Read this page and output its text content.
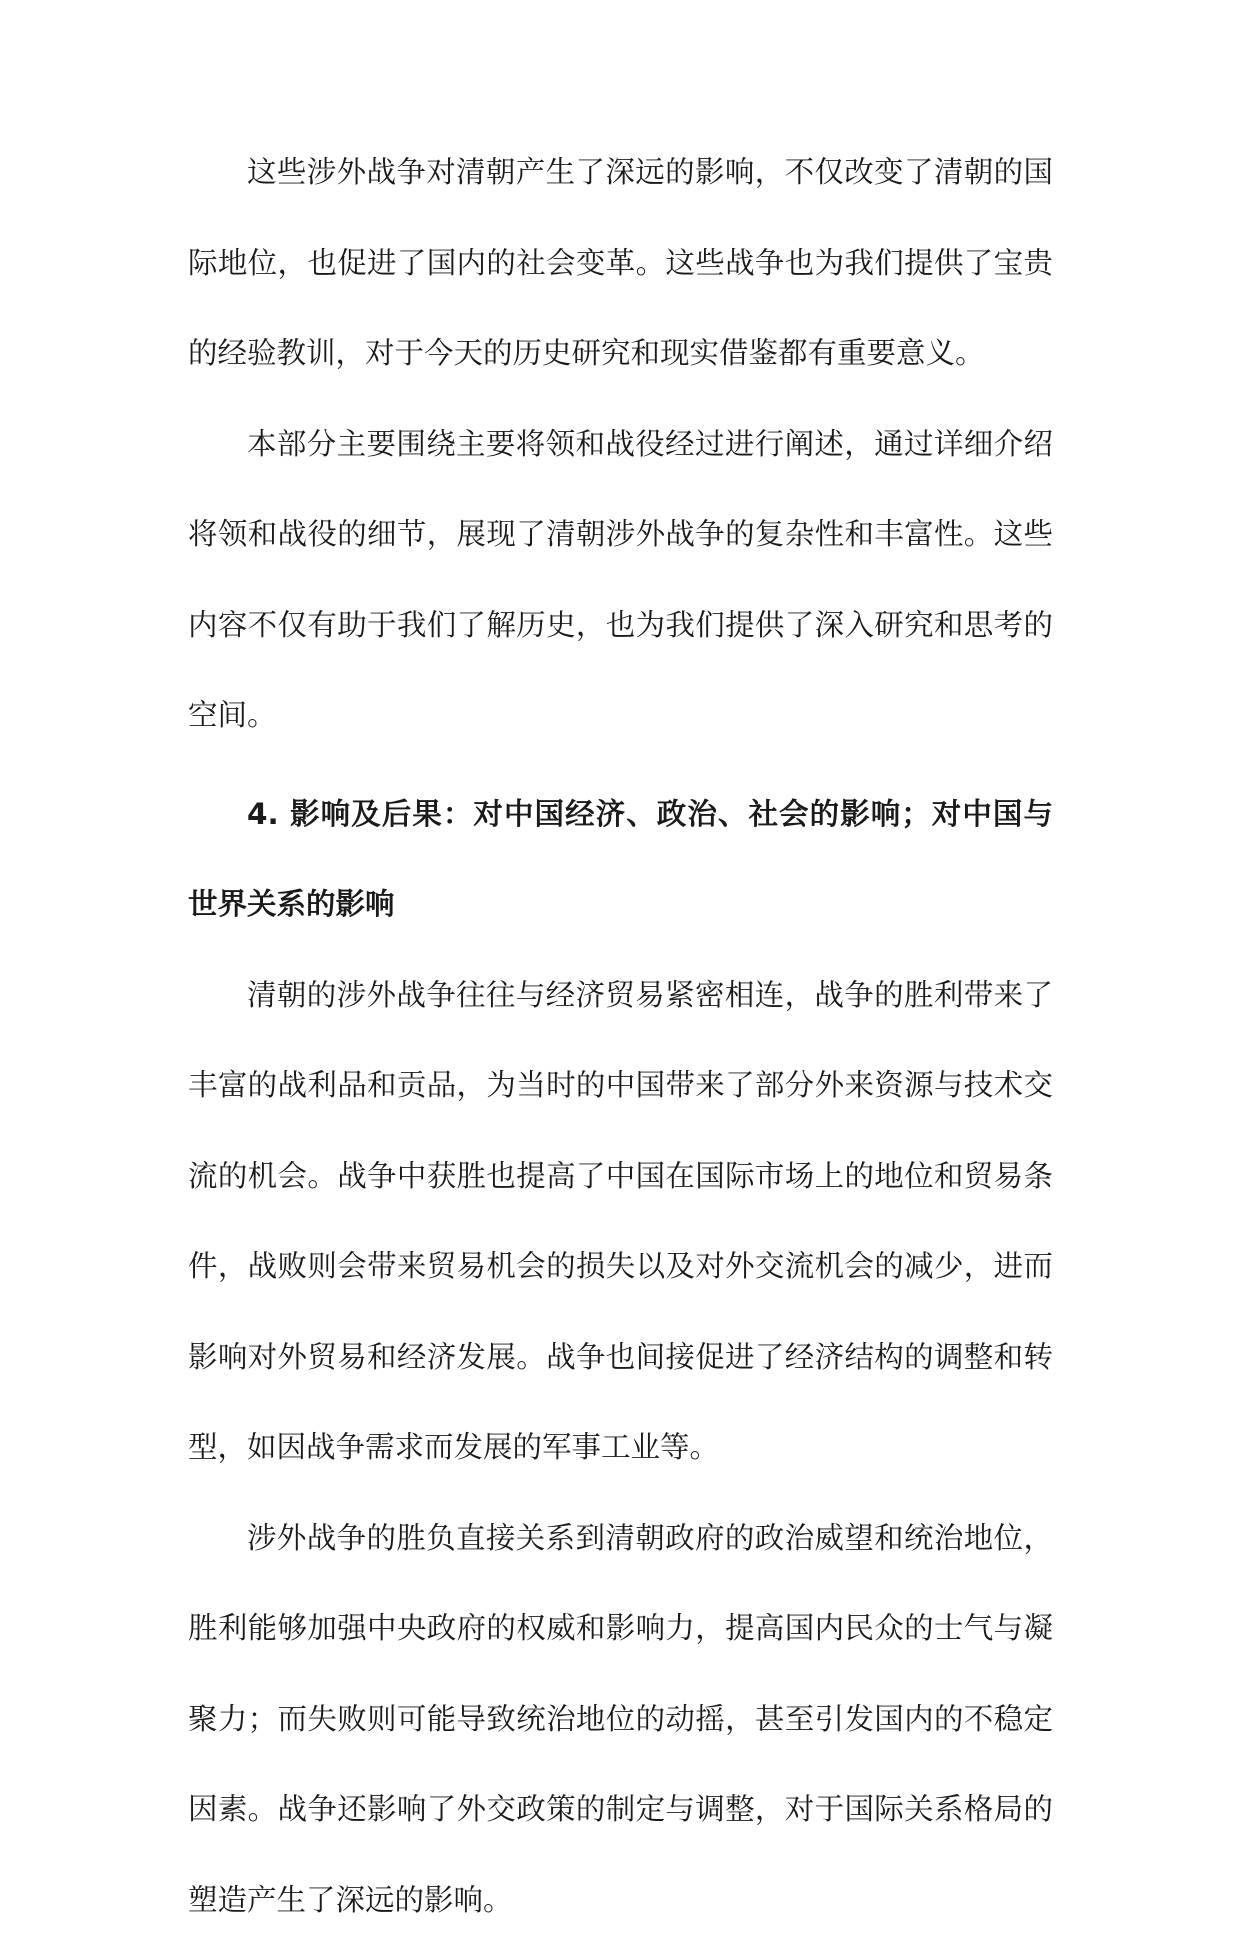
这些涉外战争对清朝产生了深远的影响，不仅改变了清朝的国际地位，也促进了国内的社会变革。这些战争也为我们提供了宝贵的经验教训，对于今天的历史研究和现实借鉴都有重要意义。

本部分主要围绕主要将领和战役经过进行阐述，通过详细介绍将领和战役的细节，展现了清朝涉外战争的复杂性和丰富性。这些内容不仅有助于我们了解历史，也为我们提供了深入研究和思考的空间。

4. 影响及后果：对中国经济、政治、社会的影响；对中国与世界关系的影响

清朝的涉外战争往往与经济贸易紧密相连，战争的胜利带来了丰富的战利品和贡品，为当时的中国带来了部分外来资源与技术交流的机会。战争中获胜也提高了中国在国际市场上的地位和贸易条件，战败则会带来贸易机会的损失以及对外交流机会的减少，进而影响对外贸易和经济发展。战争也间接促进了经济结构的调整和转型，如因战争需求而发展的军事工业等。

涉外战争的胜负直接关系到清朝政府的政治威望和统治地位，胜利能够加强中央政府的权威和影响力，提高国内民众的士气与凝聚力；而失败则可能导致统治地位的动摇，甚至引发国内的不稳定因素。战争还影响了外交政策的制定与调整，对于国际关系格局的塑造产生了深远的影响。
